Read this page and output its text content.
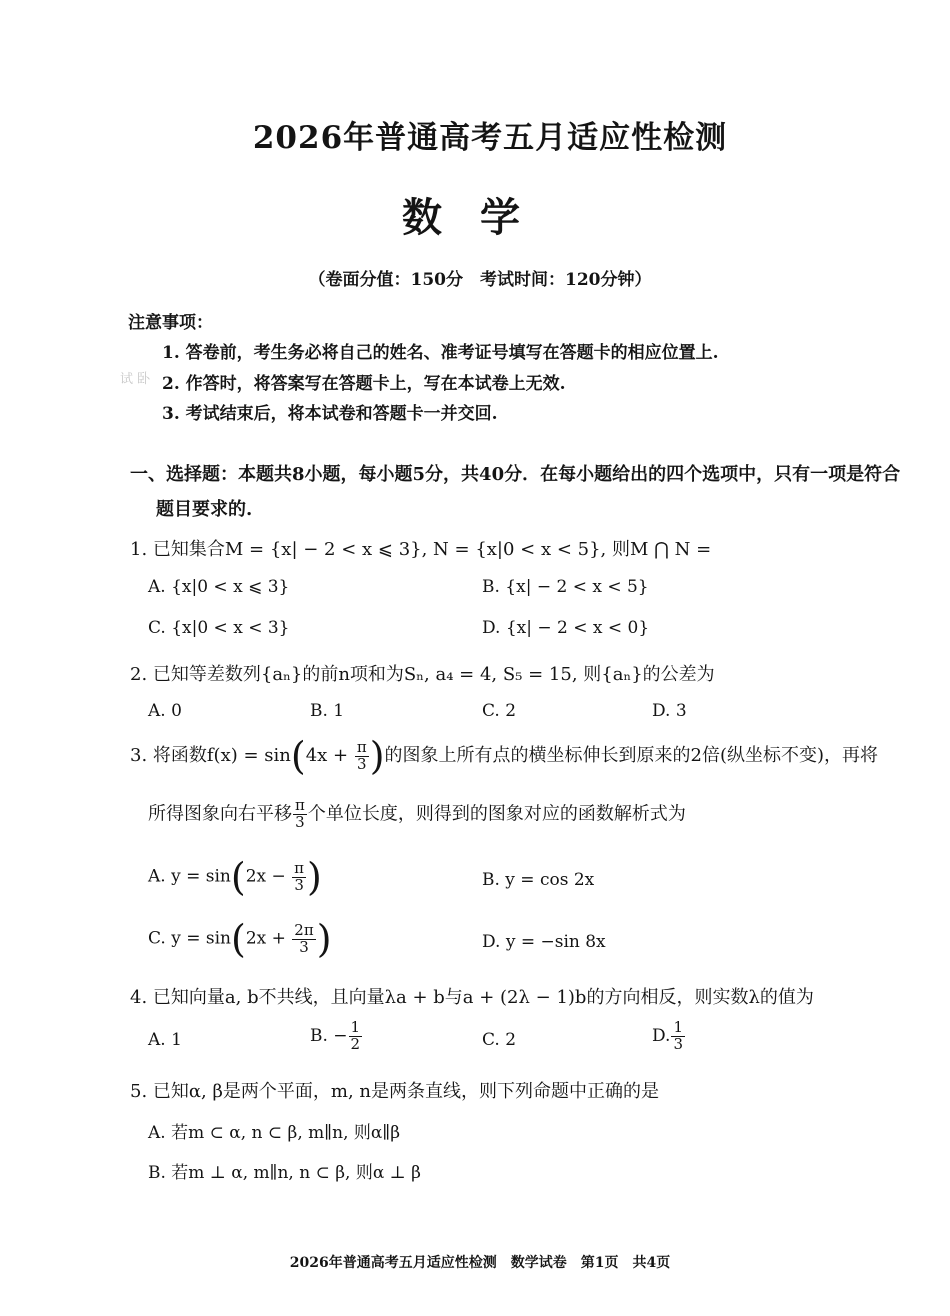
2026年普通高考五月适应性检测
数学
（卷面分值：150分　考试时间：120分钟）
注意事项：
1. 答卷前，考生务必将自己的姓名、准考证号填写在答题卡的相应位置上.
试 卧 2. 作答时，将答案写在答题卡上，写在本试卷上无效.
3. 考试结束后，将本试卷和答题卡一并交回.
一、选择题：本题共8小题，每小题5分，共40分．在每小题给出的四个选项中，只有一项是符合
题目要求的.
1. 已知集合M = {x| − 2 < x ⩽ 3}, N = {x|0 < x < 5}, 则M ⋂ N =
A. {x|0 < x ⩽ 3}	B. {x| − 2 < x < 5}
C. {x|0 < x < 3}	D. {x| − 2 < x < 0}
2. 已知等差数列{aₙ}的前n项和为Sₙ, a₄ = 4, S₅ = 15, 则{aₙ}的公差为
A. 0	B. 1	C. 2	D. 3
3. 将函数$f(x) = \sin(4x + \frac{\pi}{3}$ )的图象上所有点的横坐标伸长到原来的2倍(纵坐标不变)，再将
所得图象向右平移 $\frac{\pi}{3}$ 个单位长度，则得到的图象对应的函数解析式为
A. $y = \sin(2x - \frac{\pi}{3}$ )	B. y = cos 2x
C. $y = \sin(2x + \frac{2\pi}{3}$ )	D. y = −sin 8x
4. 已知向量a, b不共线，且向量λa + b与a + (2λ − 1)b的方向相反，则实数λ的值为
A. 1	B. − $\frac{1}{2}$	C. 2	D. $\frac{1}{3}$
5. 已知α, β是两个平面，m, n是两条直线，则下列命题中正确的是
A. 若m ⊂ α, n ⊂ β, m∥n, 则α∥β
B. 若m ⊥ α, m∥n, n ⊂ β, 则α ⊥ β
2026年普通高考五月适应性检测　数学试卷　第1页　共4页
